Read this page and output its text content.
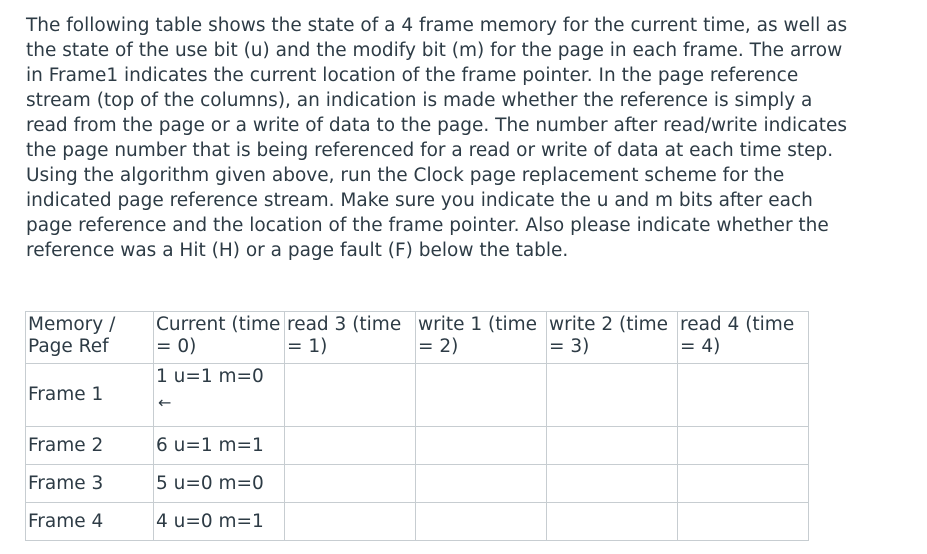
The following table shows the state of a 4 frame memory for the current time, as well as the state of the use bit (u) and the modify bit (m) for the page in each frame. The arrow in Frame1 indicates the current location of the frame pointer. In the page reference stream (top of the columns), an indication is made whether the reference is simply a read from the page or a write of data to the page. The number after read/write indicates the page number that is being referenced for a read or write of data at each time step. Using the algorithm given above, run the Clock page replacement scheme for the indicated page reference stream. Make sure you indicate the u and m bits after each page reference and the location of the frame pointer. Also please indicate whether the reference was a Hit (H) or a page fault (F) below the table.

Memory / Page Ref	Current (time = 0)	read 3 (time = 1)	write 1 (time = 2)	write 2 (time = 3)	read 4 (time = 4)
Frame 1	1 u=1 m=0
←				

Frame 2	6 u=1 m=1				
Frame 3	5 u=0 m=0				
Frame 4	4 u=0 m=1				
